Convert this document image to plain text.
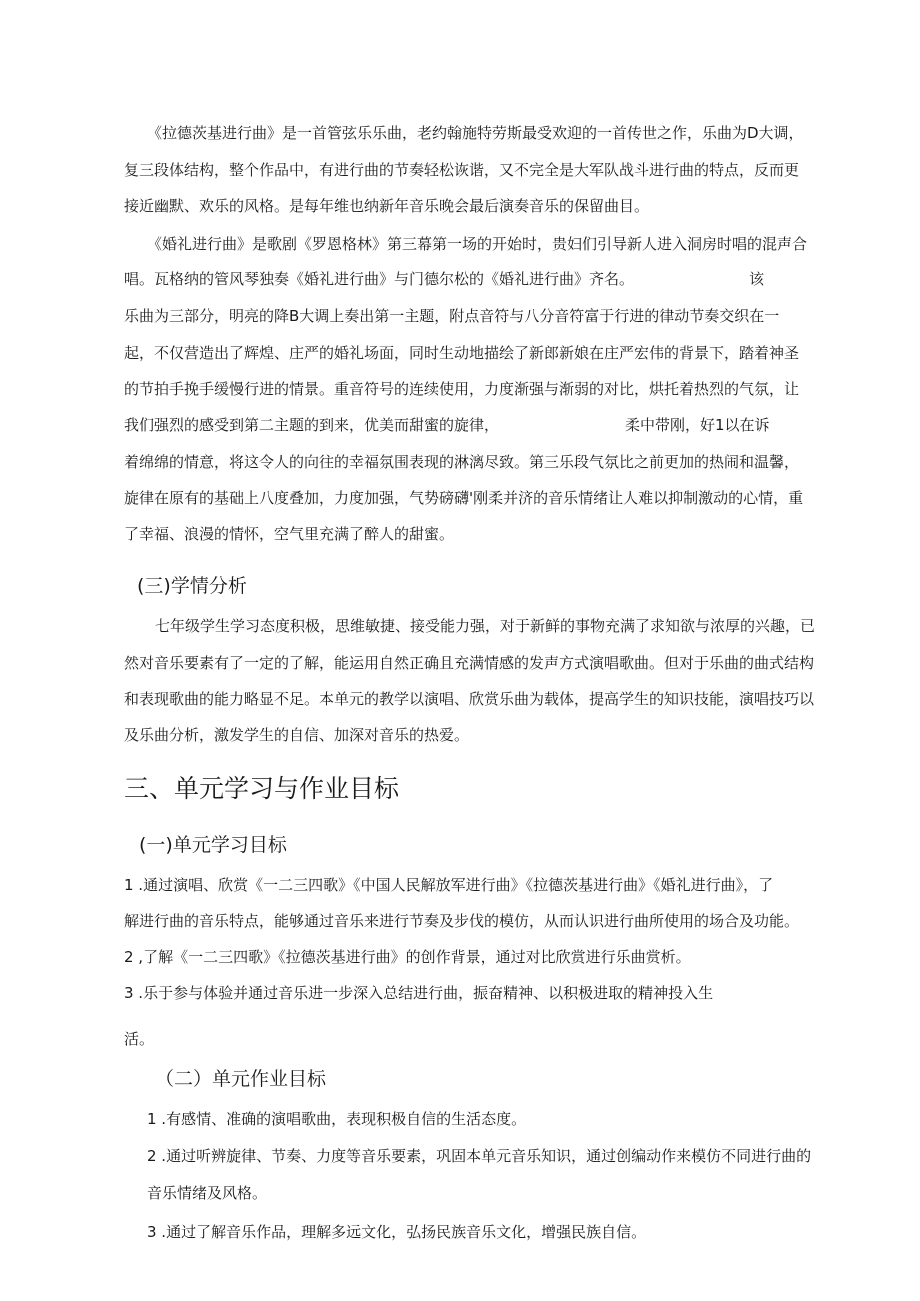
《拉德茨基进行曲》是一首管弦乐乐曲，老约翰施特劳斯最受欢迎的一首传世之作，乐曲为D大调，
复三段体结构，整个作品中，有进行曲的节奏轻松诙谐，又不完全是大军队战斗进行曲的特点，反而更
接近幽默、欢乐的风格。是每年维也纳新年音乐晚会最后演奏音乐的保留曲目。
《婚礼进行曲》是歌剧《罗恩格林》第三幕第一场的开始时，贵妇们引导新人进入洞房时唱的混声合
唱。瓦格纳的管风琴独奏《婚礼进行曲》与门德尔松的《婚礼进行曲》齐名。	该
乐曲为三部分，明亮的降B大调上奏出第一主题，附点音符与八分音符富于行进的律动节奏交织在一
起，不仅营造出了辉煌、庄严的婚礼场面，同时生动地描绘了新郎新娘在庄严宏伟的背景下，踏着神圣
的节拍手挽手缓慢行进的情景。重音符号的连续使用，力度渐强与渐弱的对比，烘托着热烈的气氛，让
我们强烈的感受到第二主题的到来，优美而甜蜜的旋律，	柔中带刚，好1以在诉
着绵绵的情意，将这令人的向往的幸福氛围表现的淋漓尽致。第三乐段气氛比之前更加的热闹和温馨，
旋律在原有的基础上八度叠加，力度加强，气势磅礴'刚柔并济的音乐情绪让人难以抑制激动的心情，重
了幸福、浪漫的情怀，空气里充满了醉人的甜蜜。
(三)学情分析
七年级学生学习态度积极，思维敏捷、接受能力强，对于新鲜的事物充满了求知欲与浓厚的兴趣，已
然对音乐要素有了一定的了解，能运用自然正确且充满情感的发声方式演唱歌曲。但对于乐曲的曲式结构
和表现歌曲的能力略显不足。本单元的教学以演唱、欣赏乐曲为载体，提高学生的知识技能，演唱技巧以
及乐曲分析，激发学生的自信、加深对音乐的热爱。
三、单元学习与作业目标
(一)单元学习目标
1 .通过演唱、欣赏《一二三四歌》《中国人民解放军进行曲》《拉德茨基进行曲》《婚礼进行曲》，了
解进行曲的音乐特点，能够通过音乐来进行节奏及步伐的模仿，从而认识进行曲所使用的场合及功能。
2 ,了解《一二三四歌》《拉德茨基进行曲》的创作背景，通过对比欣赏进行乐曲赏析。
3 .乐于参与体验并通过音乐进一步深入总结进行曲，振奋精神、以积极进取的精神投入生
活。
（二）单元作业目标
1 .有感情、准确的演唱歌曲，表现积极自信的生活态度。
2 .通过听辨旋律、节奏、力度等音乐要素，巩固本单元音乐知识，通过创编动作来模仿不同进行曲的
音乐情绪及风格。
3 .通过了解音乐作品，理解多远文化，弘扬民族音乐文化，增强民族自信。
